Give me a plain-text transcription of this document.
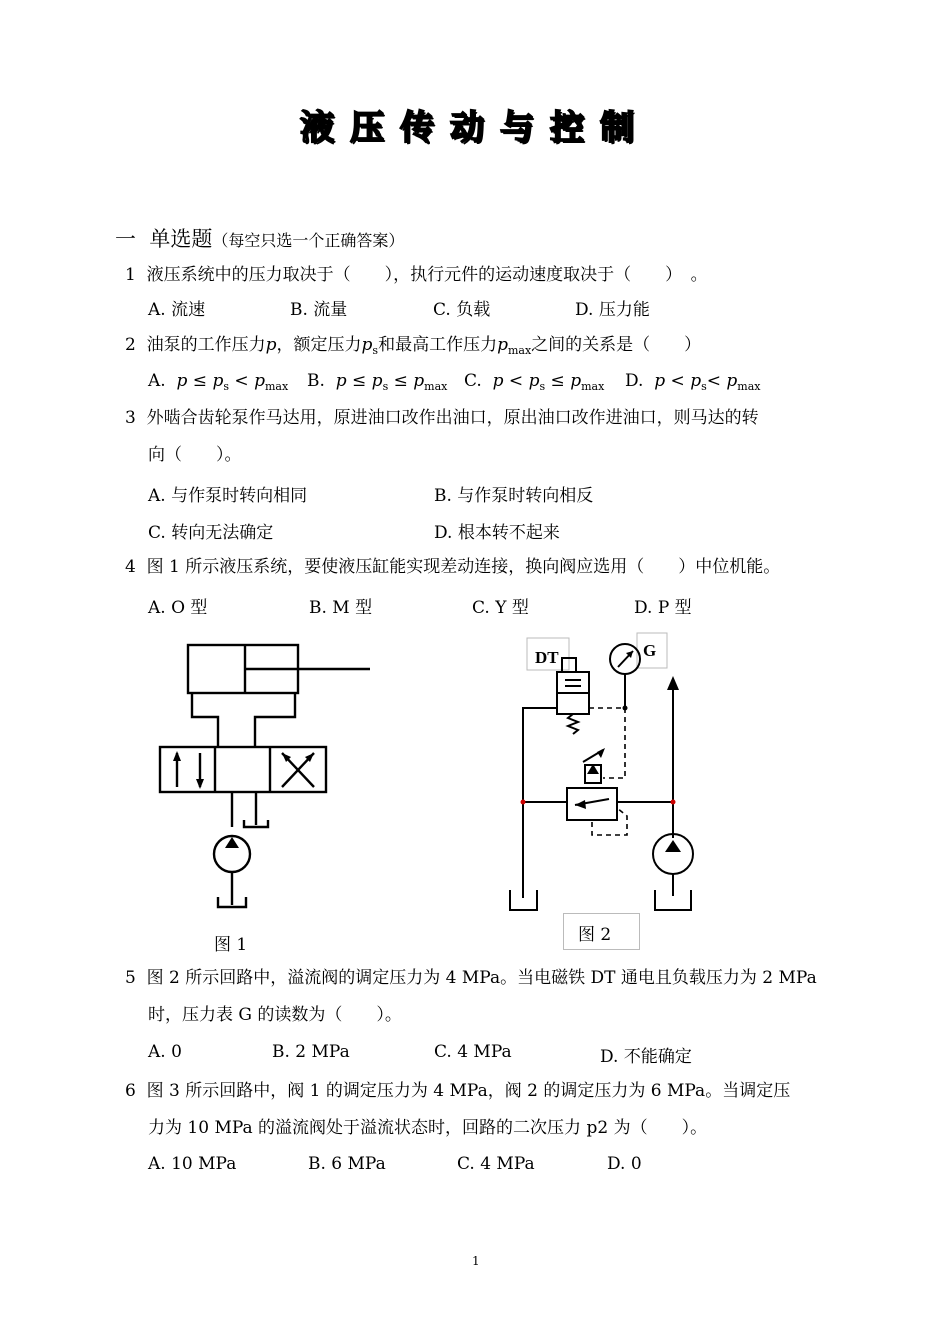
液压传动与控制
一 单选题（每空只选一个正确答案）
1 液压系统中的压力取决于（　　），执行元件的运动速度取决于（　　）　。
A. 流速	B. 流量	C. 负载	D. 压力能
2 油泵的工作压力p，额定压力$p_s$和最高工作压力$p_{max}$之间的关系是（　　）
A. $p \le p_s < p_{max}$ B. $p \le p_s \le p_{max}$ C. $p < p_s \le p_{max}$ D. $p < p_s< p_{max}$
3 外啮合齿轮泵作马达用，原进油口改作出油口，原出油口改作进油口，则马达的转
向（　　）。
A. 与作泵时转向相同	B. 与作泵时转向相反
C. 转向无法确定	D. 根本转不起来
4 图 1 所示液压系统，要使液压缸能实现差动连接，换向阀应选用（　　）中位机能。
A. O 型	B. M 型	C. Y 型	D. P 型
图 1
DT	G
图 2
5 图 2 所示回路中，溢流阀的调定压力为 4 MPa。当电磁铁 DT 通电且负载压力为 2 MPa
时，压力表 G 的读数为（　　）。
A. 0	B. 2 MPa	C. 4 MPa	D. 不能确定
6 图 3 所示回路中，阀 1 的调定压力为 4 MPa，阀 2 的调定压力为 6 MPa。当调定压
力为 10 MPa 的溢流阀处于溢流状态时，回路的二次压力 p2 为（　　）。
A. 10 MPa	B. 6 MPa	C. 4 MPa	D. 0
1
